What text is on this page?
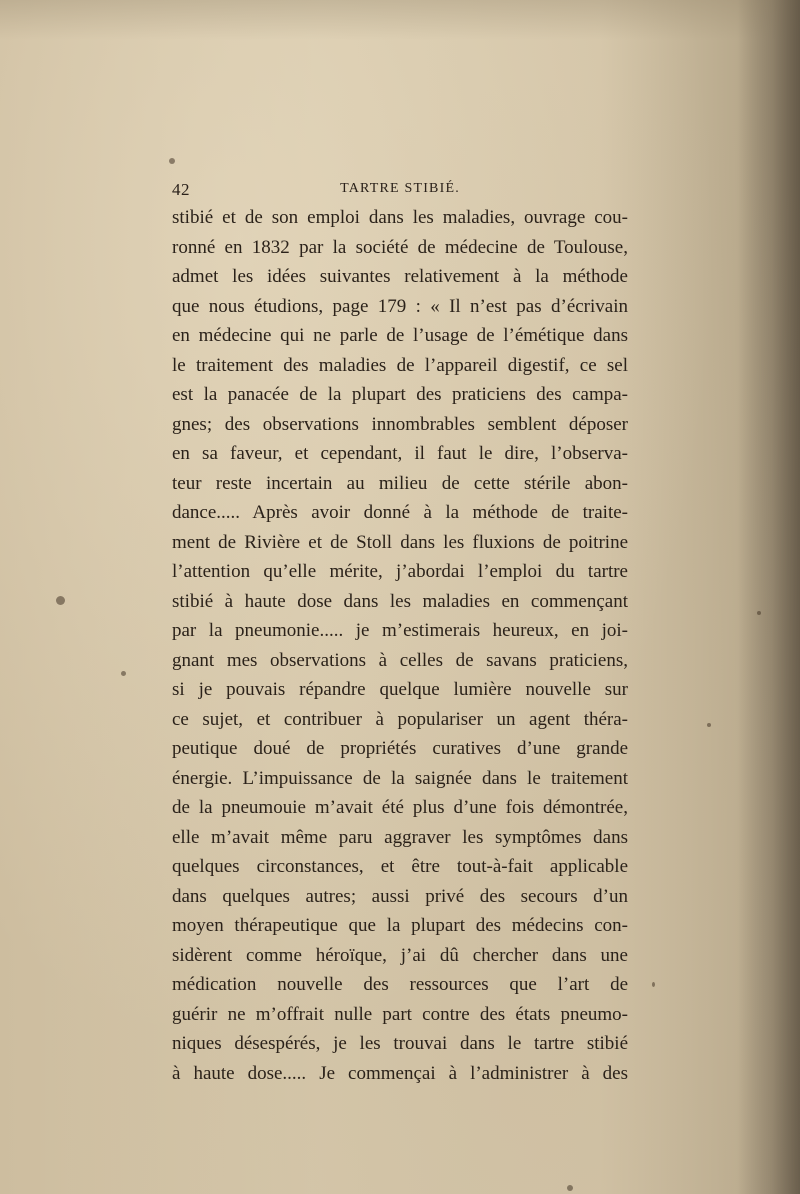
42	TARTRE STIBIÉ.
stibié et de son emploi dans les maladies, ouvrage cou-
ronné en 1832 par la société de médecine de Toulouse,
admet les idées suivantes relativement à la méthode
que nous étudions, page 179 : « Il n’est pas d’écrivain
en médecine qui ne parle de l’usage de l’émétique dans
le traitement des maladies de l’appareil digestif, ce sel
est la panacée de la plupart des praticiens des campa-
gnes; des observations innombrables semblent déposer
en sa faveur, et cependant, il faut le dire, l’observa-
teur reste incertain au milieu de cette stérile abon-
dance..... Après avoir donné à la méthode de traite-
ment de Rivière et de Stoll dans les fluxions de poitrine
l’attention qu’elle mérite, j’abordai l’emploi du tartre
stibié à haute dose dans les maladies en commençant
par la pneumonie..... je m’estimerais heureux, en joi-
gnant mes observations à celles de savans praticiens,
si je pouvais répandre quelque lumière nouvelle sur
ce sujet, et contribuer à populariser un agent théra-
peutique doué de propriétés curatives d’une grande
énergie. L’impuissance de la saignée dans le traitement
de la pneumouie m’avait été plus d’une fois démontrée,
elle m’avait même paru aggraver les symptômes dans
quelques circonstances, et être tout-à-fait applicable
dans quelques autres; aussi privé des secours d’un
moyen thérapeutique que la plupart des médecins con-
sidèrent comme héroïque, j’ai dû chercher dans une
médication nouvelle des ressources que l’art de
guérir ne m’offrait nulle part contre des états pneumo-
niques désespérés, je les trouvai dans le tartre stibié
à haute dose..... Je commençai à l’administrer à des
